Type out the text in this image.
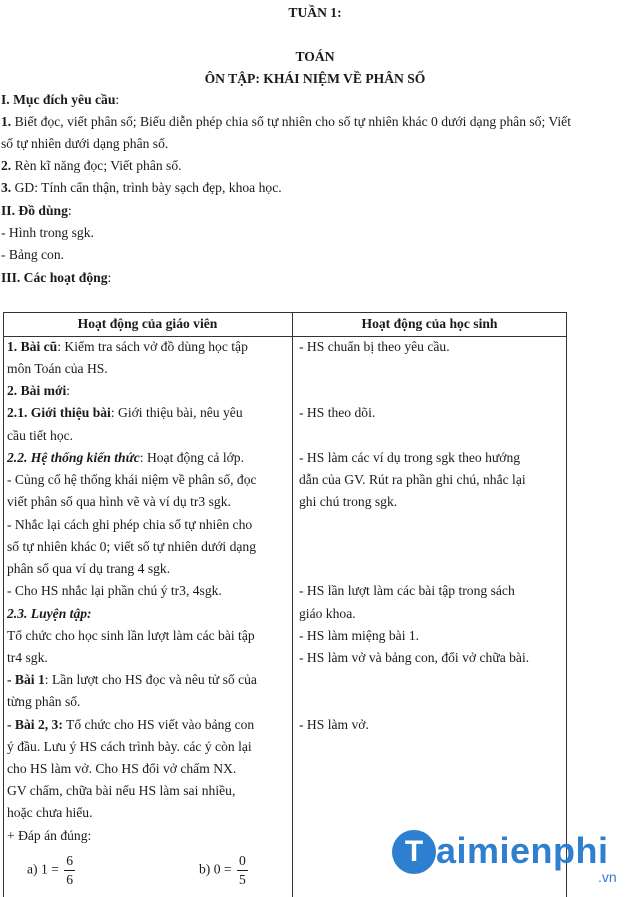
TUẦN 1:
TOÁN
ÔN TẬP: KHÁI NIỆM VỀ PHÂN SỐ
I. Mục đích yêu cầu:
1. Biết đọc, viết phân số; Biểu diễn phép chia số tự nhiên cho số tự nhiên khác 0 dưới dạng phân số; Viết
số tự nhiên dưới dạng phân số.
2. Rèn kĩ năng đọc; Viết phân số.
3. GD: Tính cẩn thận, trình bày sạch đẹp, khoa học.
II. Đồ dùng:
- Hình trong sgk.
- Bảng con.
III. Các hoạt động:
Hoạt động của giáo viên	Hoạt động của học sinh
1. Bài cũ: Kiểm tra sách vở đồ dùng học tập
môn Toán của HS.
2. Bài mới:
2.1. Giới thiệu bài: Giới thiệu bài, nêu yêu
cầu tiết học.
2.2. Hệ thống kiến thức: Hoạt động cả lớp.
- Củng cố hệ thống khái niệm về phân số, đọc
viết phân số qua hình vẽ và ví dụ tr3 sgk.
- Nhắc lại cách ghi phép chia số tự nhiên cho
số tự nhiên khác 0; viết số tự nhiên dưới dạng
phân số qua ví dụ trang 4 sgk.
- Cho HS nhắc lại phần chú ý tr3, 4sgk.
2.3. Luyện tập:
Tổ chức cho học sinh lần lượt làm các bài tập
tr4 sgk.
- Bài 1: Lần lượt cho HS đọc và nêu tử số của
từng phân số.
- Bài 2, 3: Tổ chức cho HS viết vào bảng con
ý đầu. Lưu ý HS cách trình bày. các ý còn lại
cho HS làm vở. Cho HS đổi vở chấm NX.
GV chấm, chữa bài nếu HS làm sai nhiều,
hoặc chưa hiểu.
+ Đáp án đúng:
a) $1 = \frac{6}{6}$	b) $0 = \frac{0}{5}$
- HS chuẩn bị theo yêu cầu.
- HS theo dõi.
- HS làm các ví dụ trong sgk theo hướng
dẫn của GV. Rút ra phần ghi chú, nhắc lại
ghi chú trong sgk.
- HS lần lượt làm các bài tập trong sách
giáo khoa.
- HS làm miệng bài 1.
- HS làm vở và bảng con, đổi vở chữa bài.
- HS làm vở.
T aimienphi
.vn
